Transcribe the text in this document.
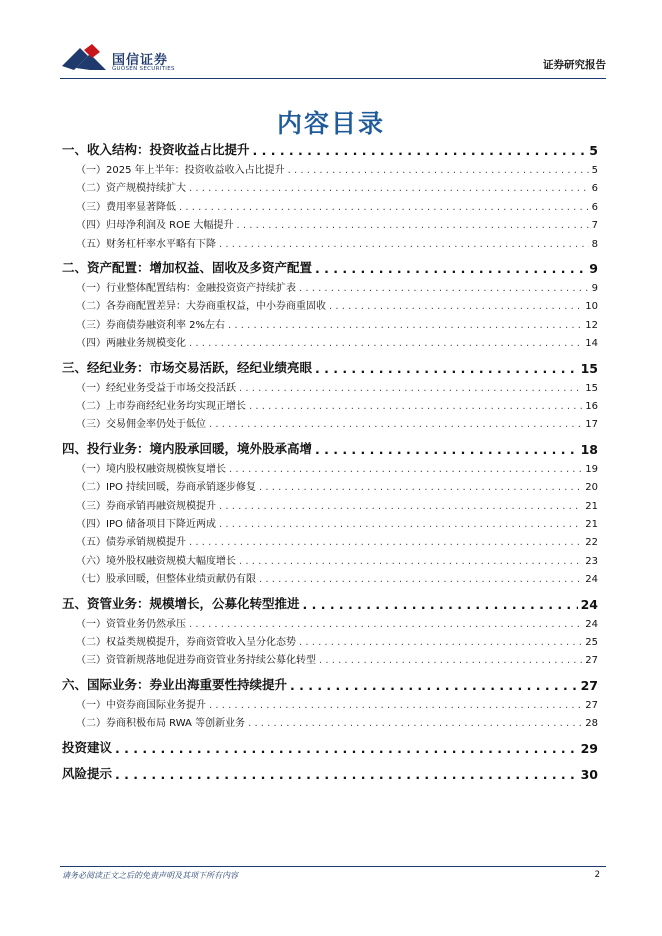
国信证券
GUOSEN SECURITIES	证券研究报告
内容目录
一、收入结构：投资收益占比提升 . . .	5
（一）2025 年上半年：投资收益收入占比提升 . . .	5
（二）资产规模持续扩大 . . .	6
（三）费用率显著降低 . . .	6
（四）归母净利润及 ROE 大幅提升 . . .	7
（五）财务杠杆率水平略有下降 . . .	8
二、资产配置：增加权益、固收及多资产配置 . . .	9
（一）行业整体配置结构：金融投资资产持续扩表 . . .	9
（二）各券商配置差异：大券商重权益，中小券商重固收 . . .	10
（三）券商债券融资利率 2%左右 . . .	12
（四）两融业务规模变化 . . .	14
三、经纪业务：市场交易活跃，经纪业绩亮眼 . . .	15
（一）经纪业务受益于市场交投活跃 . . .	15
（二）上市券商经纪业务均实现正增长 . . .	16
（三）交易佣金率仍处于低位 . . .	17
四、投行业务：境内股承回暖，境外股承高增 . . .	18
（一）境内股权融资规模恢复增长 . . .	19
（二）IPO 持续回暖，券商承销逐步修复 . . .	20
（三）券商承销再融资规模提升 . . .	21
（四）IPO 储备项目下降近两成 . . .	21
（五）债券承销规模提升 . . .	22
（六）境外股权融资规模大幅度增长 . . .	23
（七）股承回暖，但整体业绩贡献仍有限 . . .	24
五、资管业务：规模增长，公募化转型推进 . . .	24
（一）资管业务仍然承压 . . .	24
（二）权益类规模提升，券商资管收入呈分化态势 . . .	25
（三）资管新规落地促进券商资管业务持续公募化转型 . . .	27
六、国际业务：券业出海重要性持续提升 . . .	27
（一）中资券商国际业务提升 . . .	27
（二）券商积极布局 RWA 等创新业务 . . .	28
投资建议 . . .	29
风险提示 . . .	30
请务必阅读正文之后的免责声明及其项下所有内容	2
